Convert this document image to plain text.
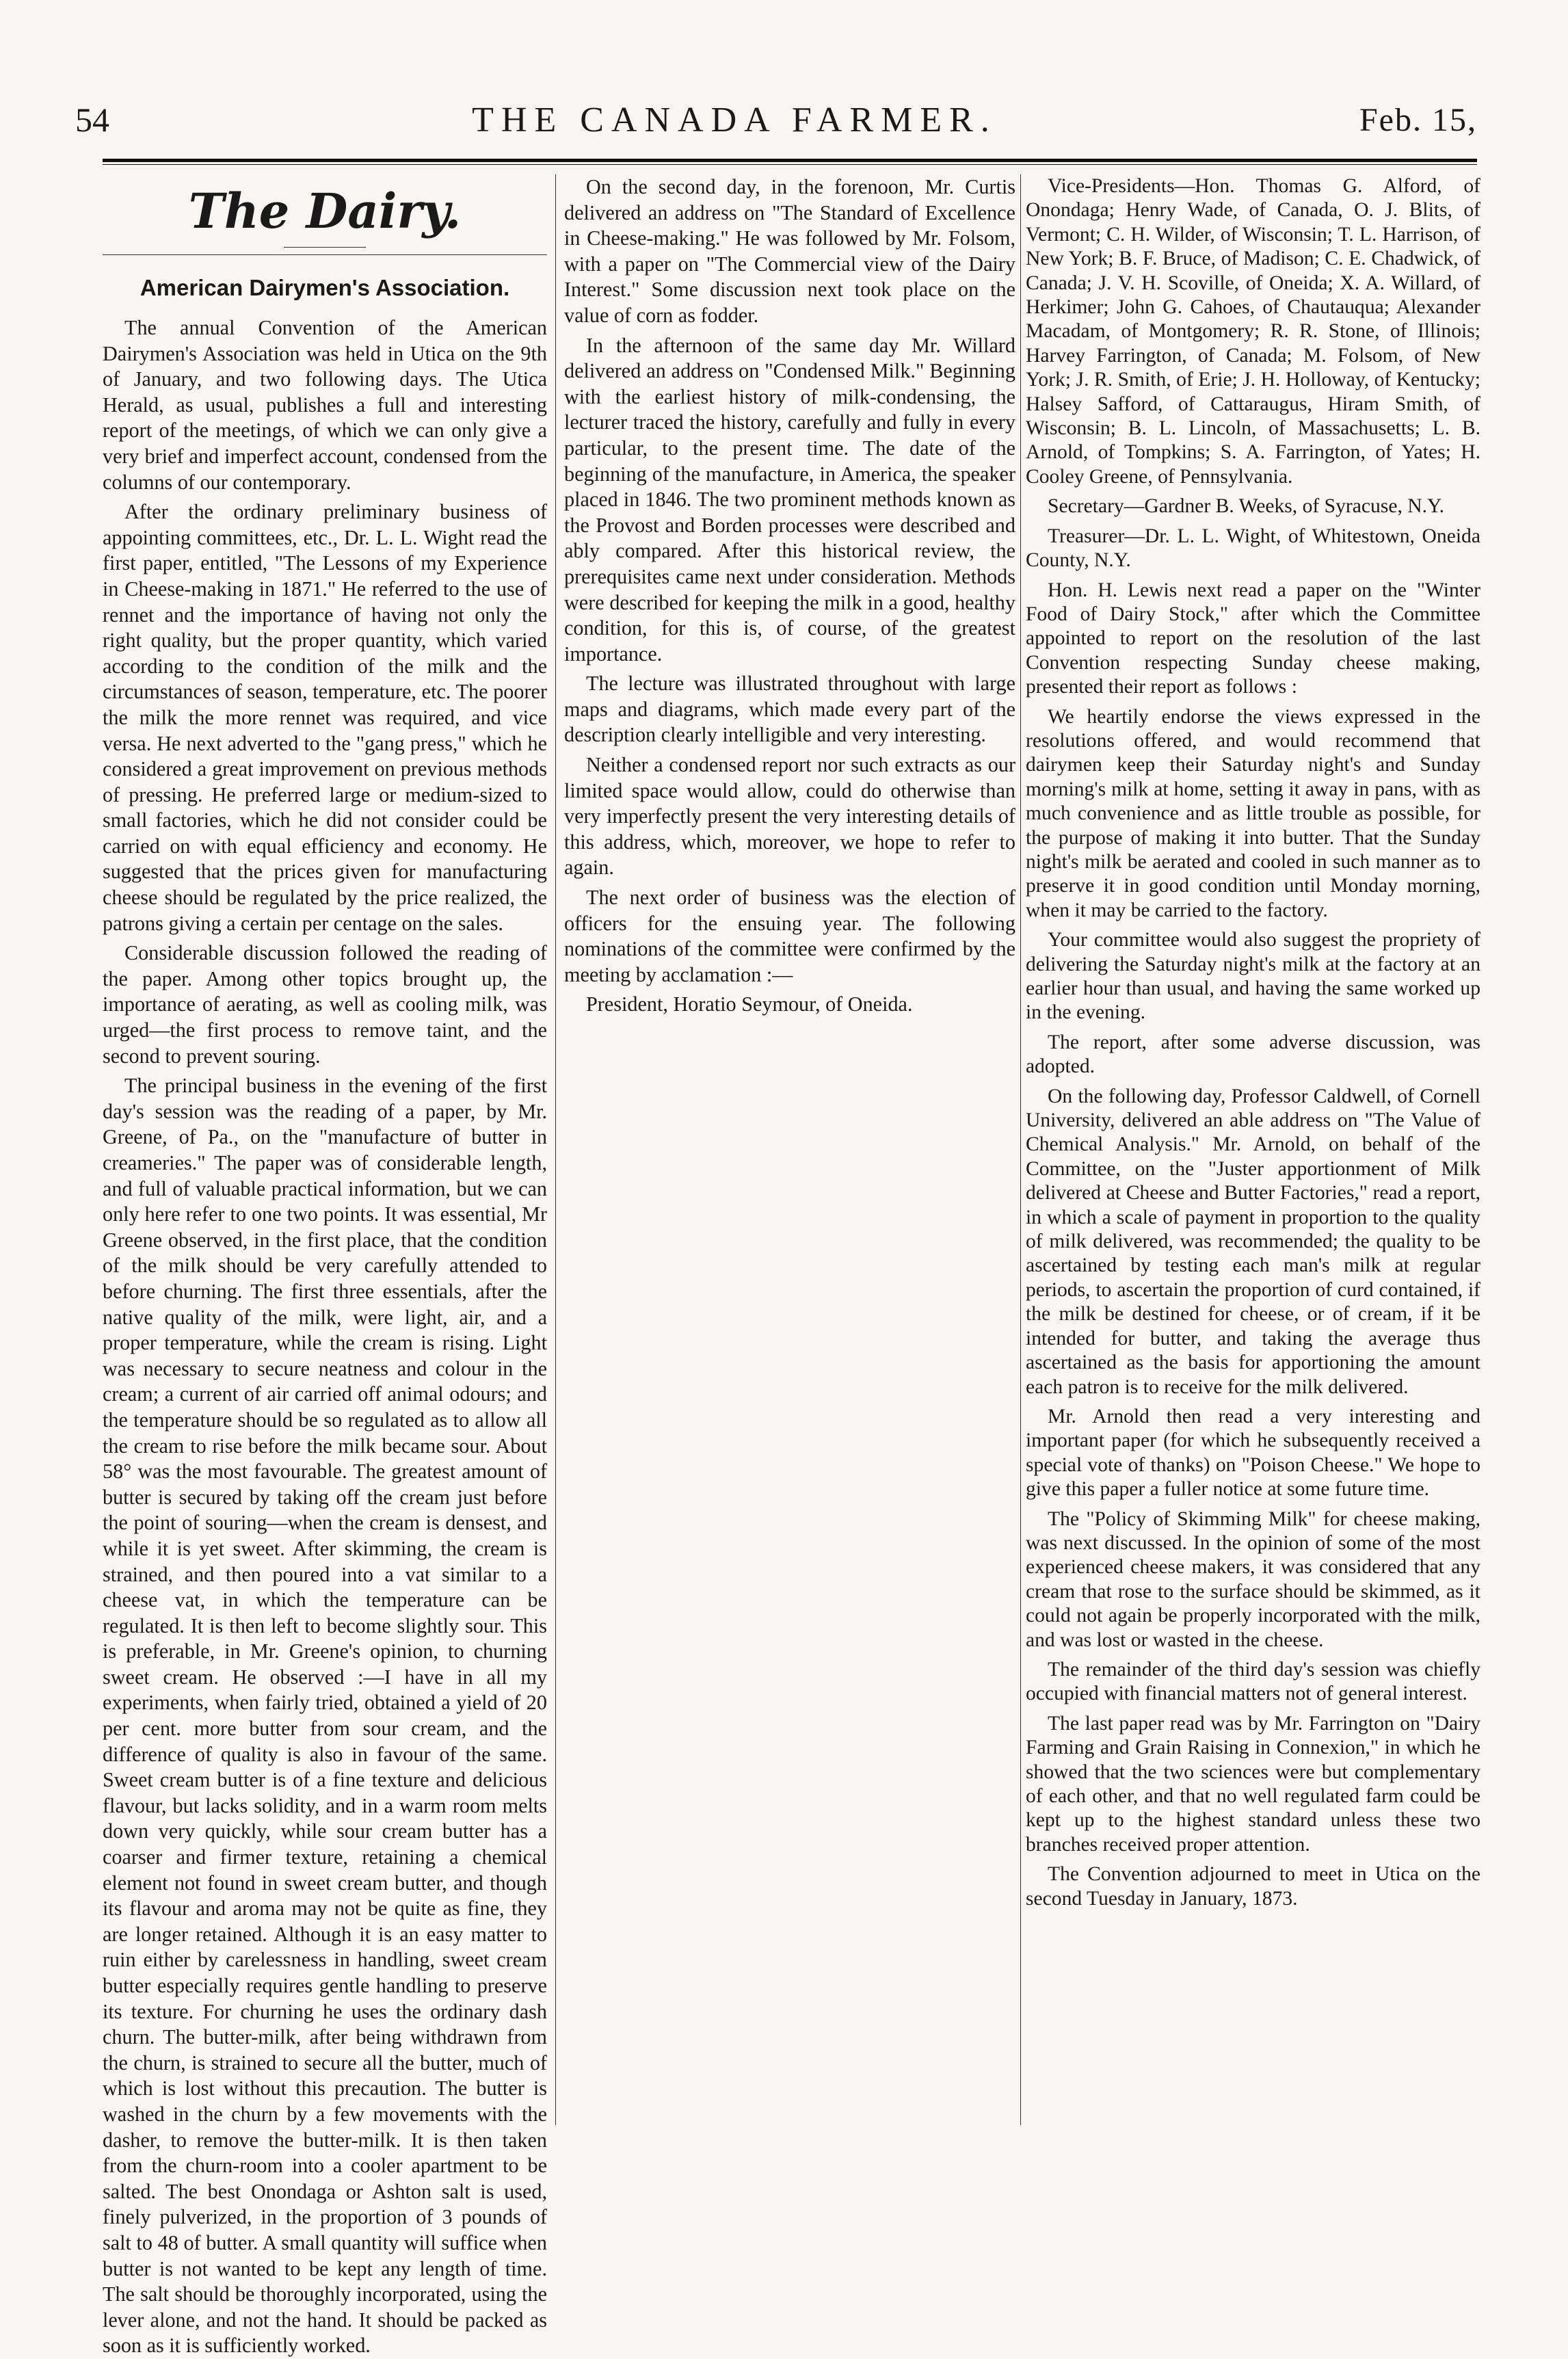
54	THE CANADA FARMER.	Feb. 15,
The Dairy.
American Dairymen's Association.

The annual Convention of the American Dairymen's Association was held in Utica on the 9th of January, and two following days. The Utica Herald, as usual, publishes a full and interesting report of the meetings, of which we can only give a very brief and imperfect account, condensed from the columns of our contemporary.

After the ordinary preliminary business of appointing committees, etc., Dr. L. L. Wight read the first paper, entitled, "The Lessons of my Experience in Cheese-making in 1871." He referred to the use of rennet and the importance of having not only the right quality, but the proper quantity, which varied according to the condition of the milk and the circumstances of season, temperature, etc. The poorer the milk the more rennet was required, and vice versa. He next adverted to the "gang press," which he considered a great improvement on previous methods of pressing. He preferred large or medium-sized to small factories, which he did not consider could be carried on with equal efficiency and economy. He suggested that the prices given for manufacturing cheese should be regulated by the price realized, the patrons giving a certain per centage on the sales.

Considerable discussion followed the reading of the paper. Among other topics brought up, the importance of aerating, as well as cooling milk, was urged—the first process to remove taint, and the second to prevent souring.

The principal business in the evening of the first day's session was the reading of a paper, by Mr. Greene, of Pa., on the "manufacture of butter in creameries." The paper was of considerable length, and full of valuable practical information, but we can only here refer to one two points. It was essential, Mr Greene observed, in the first place, that the condition of the milk should be very carefully attended to before churning. The first three essentials, after the native quality of the milk, were light, air, and a proper temperature, while the cream is rising. Light was necessary to secure neatness and colour in the cream; a current of air carried off animal odours; and the temperature should be so regulated as to allow all the cream to rise before the milk became sour. About 58° was the most favourable. The greatest amount of butter is secured by taking off the cream just before the point of souring—when the cream is densest, and while it is yet sweet. After skimming, the cream is strained, and then poured into a vat similar to a cheese vat, in which the temperature can be regulated. It is then left to become slightly sour. This is preferable, in Mr. Greene's opinion, to churning sweet cream. He observed :—I have in all my experiments, when fairly tried, obtained a yield of 20 per cent. more butter from sour cream, and the difference of quality is also in favour of the same. Sweet cream butter is of a fine texture and delicious flavour, but lacks solidity, and in a warm room melts down very quickly, while sour cream butter has a coarser and firmer texture, retaining a chemical element not found in sweet cream butter, and though its flavour and aroma may not be quite as fine, they are longer retained. Although it is an easy matter to ruin either by carelessness in handling, sweet cream butter especially requires gentle handling to preserve its texture. For churning he uses the ordinary dash churn. The butter-milk, after being withdrawn from the churn, is strained to secure all the butter, much of which is lost without this precaution. The butter is washed in the churn by a few movements with the dasher, to remove the butter-milk. It is then taken from the churn-room into a cooler apartment to be salted. The best Onondaga or Ashton salt is used, finely pulverized, in the proportion of 3 pounds of salt to 48 of butter. A small quantity will suffice when butter is not wanted to be kept any length of time. The salt should be thoroughly incorporated, using the lever alone, and not the hand. It should be packed as soon as it is sufficiently worked.

On the second day, in the forenoon, Mr. Curtis delivered an address on "The Standard of Excellence in Cheese-making." He was followed by Mr. Folsom, with a paper on "The Commercial view of the Dairy Interest." Some discussion next took place on the value of corn as fodder.

In the afternoon of the same day Mr. Willard delivered an address on "Condensed Milk." Beginning with the earliest history of milk-condensing, the lecturer traced the history, carefully and fully in every particular, to the present time. The date of the beginning of the manufacture, in America, the speaker placed in 1846. The two prominent methods known as the Provost and Borden processes were described and ably compared. After this historical review, the prerequisites came next under consideration. Methods were described for keeping the milk in a good, healthy condition, for this is, of course, of the greatest importance.

The lecture was illustrated throughout with large maps and diagrams, which made every part of the description clearly intelligible and very interesting.

Neither a condensed report nor such extracts as our limited space would allow, could do otherwise than very imperfectly present the very interesting details of this address, which, moreover, we hope to refer to again.

The next order of business was the election of officers for the ensuing year. The following nominations of the committee were confirmed by the meeting by acclamation :—

President, Horatio Seymour, of Oneida.

Vice-Presidents—Hon. Thomas G. Alford, of Onondaga; Henry Wade, of Canada, O. J. Blits, of Vermont; C. H. Wilder, of Wisconsin; T. L. Harrison, of New York; B. F. Bruce, of Madison; C. E. Chadwick, of Canada; J. V. H. Scoville, of Oneida; X. A. Willard, of Herkimer; John G. Cahoes, of Chautauqua; Alexander Macadam, of Montgomery; R. R. Stone, of Illinois; Harvey Farrington, of Canada; M. Folsom, of New York; J. R. Smith, of Erie; J. H. Holloway, of Kentucky; Halsey Safford, of Cattaraugus, Hiram Smith, of Wisconsin; B. L. Lincoln, of Massachusetts; L. B. Arnold, of Tompkins; S. A. Farrington, of Yates; H. Cooley Greene, of Pennsylvania.

Secretary—Gardner B. Weeks, of Syracuse, N.Y.

Treasurer—Dr. L. L. Wight, of Whitestown, Oneida County, N.Y.

Hon. H. Lewis next read a paper on the "Winter Food of Dairy Stock," after which the Committee appointed to report on the resolution of the last Convention respecting Sunday cheese making, presented their report as follows :

We heartily endorse the views expressed in the resolutions offered, and would recommend that dairymen keep their Saturday night's and Sunday morning's milk at home, setting it away in pans, with as much convenience and as little trouble as possible, for the purpose of making it into butter. That the Sunday night's milk be aerated and cooled in such manner as to preserve it in good condition until Monday morning, when it may be carried to the factory.

Your committee would also suggest the propriety of delivering the Saturday night's milk at the factory at an earlier hour than usual, and having the same worked up in the evening.

The report, after some adverse discussion, was adopted.

On the following day, Professor Caldwell, of Cornell University, delivered an able address on "The Value of Chemical Analysis." Mr. Arnold, on behalf of the Committee, on the "Juster apportionment of Milk delivered at Cheese and Butter Factories," read a report, in which a scale of payment in proportion to the quality of milk delivered, was recommended; the quality to be ascertained by testing each man's milk at regular periods, to ascertain the proportion of curd contained, if the milk be destined for cheese, or of cream, if it be intended for butter, and taking the average thus ascertained as the basis for apportioning the amount each patron is to receive for the milk delivered.

Mr. Arnold then read a very interesting and important paper (for which he subsequently received a special vote of thanks) on "Poison Cheese." We hope to give this paper a fuller notice at some future time.

The "Policy of Skimming Milk" for cheese making, was next discussed. In the opinion of some of the most experienced cheese makers, it was considered that any cream that rose to the surface should be skimmed, as it could not again be properly incorporated with the milk, and was lost or wasted in the cheese.

The remainder of the third day's session was chiefly occupied with financial matters not of general interest.

The last paper read was by Mr. Farrington on "Dairy Farming and Grain Raising in Connexion," in which he showed that the two sciences were but complementary of each other, and that no well regulated farm could be kept up to the highest standard unless these two branches received proper attention.

The Convention adjourned to meet in Utica on the second Tuesday in January, 1873.
